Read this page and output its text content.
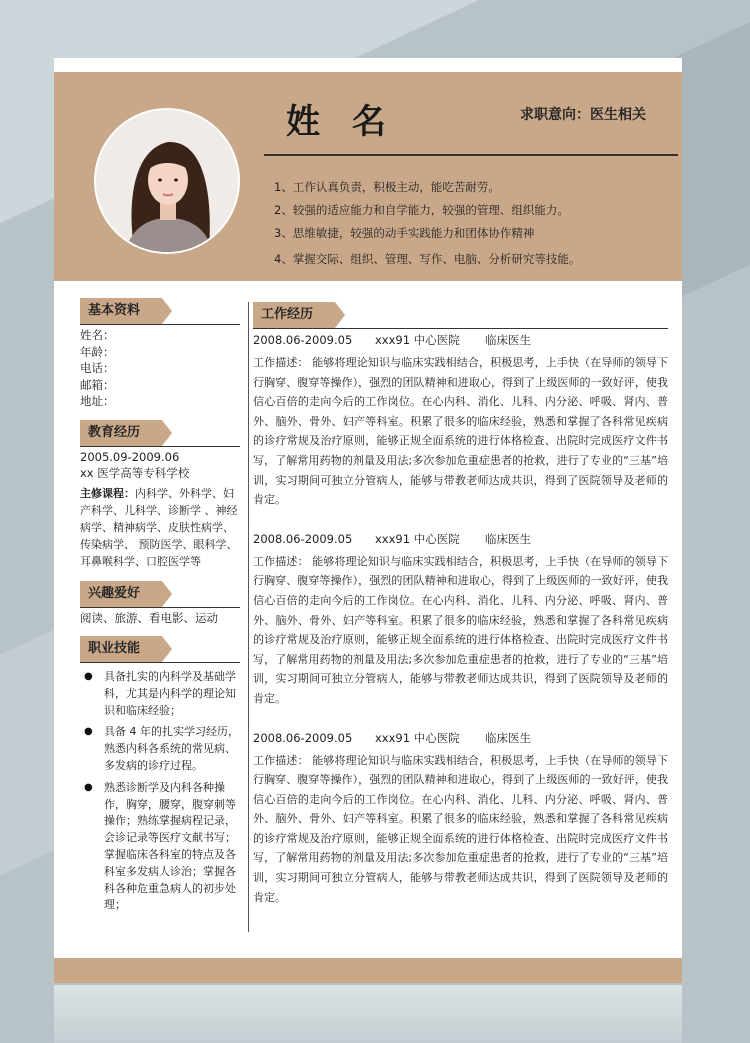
姓 名	求职意向：医生相关
1、工作认真负责，积极主动，能吃苦耐劳。
2、较强的适应能力和自学能力，较强的管理、组织能力。
3、思维敏捷，较强的动手实践能力和团体协作精神
4、掌握交际、组织、管理、写作、电脑、分析研究等技能。
基本资料
姓名：
年龄：
电话：
邮箱：
地址：
教育经历
2005.09-2009.06
xx 医学高等专科学校
主修课程：内科学、外科学、妇产科学、儿科学、诊断学 、神经病学、精神病学、皮肤性病学、传染病学、 预防医学、眼科学、耳鼻喉科学、口腔医学等
兴趣爱好
阅读、旅游、看电影、运动
职业技能
● 具备扎实的内科学及基础学科，尤其是内科学的理论知识和临床经验；
● 具备 4 年的扎实学习经历，熟悉内科各系统的常见病、多发病的诊疗过程。
● 熟悉诊断学及内科各种操作，胸穿，腰穿，腹穿刺等操作；熟练掌握病程记录，会诊记录等医疗文献书写；掌握临床各科室的特点及各科室多发病人诊治；掌握各科各种危重急病人的初步处理；
工作经历
2008.06-2009.05 xxx91 中心医院 临床医生
工作描述： 能够将理论知识与临床实践相结合，积极思考，上手快（在导师的领导下行胸穿、腹穿等操作），强烈的团队精神和进取心，得到了上级医师的一致好评，使我信心百倍的走向今后的工作岗位。在心内科、消化、儿科、内分泌、呼吸、肾内、普外、脑外、骨外、妇产等科室。积累了很多的临床经验，熟悉和掌握了各科常见疾病的诊疗常规及治疗原则，能够正规全面系统的进行体格检查、出院时完成医疗文件书写，了解常用药物的剂量及用法;多次参加危重症患者的抢救，进行了专业的“三基”培训，实习期间可独立分管病人，能够与带教老师达成共识，得到了医院领导及老师的肯定。
2008.06-2009.05 xxx91 中心医院 临床医生
工作描述： 能够将理论知识与临床实践相结合，积极思考，上手快（在导师的领导下行胸穿、腹穿等操作），强烈的团队精神和进取心，得到了上级医师的一致好评，使我信心百倍的走向今后的工作岗位。在心内科、消化、儿科、内分泌、呼吸、肾内、普外、脑外、骨外、妇产等科室。积累了很多的临床经验，熟悉和掌握了各科常见疾病的诊疗常规及治疗原则，能够正规全面系统的进行体格检查、出院时完成医疗文件书写，了解常用药物的剂量及用法;多次参加危重症患者的抢救，进行了专业的“三基”培训，实习期间可独立分管病人，能够与带教老师达成共识，得到了医院领导及老师的肯定。
2008.06-2009.05 xxx91 中心医院 临床医生
工作描述： 能够将理论知识与临床实践相结合，积极思考，上手快（在导师的领导下行胸穿、腹穿等操作），强烈的团队精神和进取心，得到了上级医师的一致好评，使我信心百倍的走向今后的工作岗位。在心内科、消化、儿科、内分泌、呼吸、肾内、普外、脑外、骨外、妇产等科室。积累了很多的临床经验，熟悉和掌握了各科常见疾病的诊疗常规及治疗原则，能够正规全面系统的进行体格检查、出院时完成医疗文件书写，了解常用药物的剂量及用法;多次参加危重症患者的抢救，进行了专业的“三基”培训，实习期间可独立分管病人，能够与带教老师达成共识，得到了医院领导及老师的肯定。
